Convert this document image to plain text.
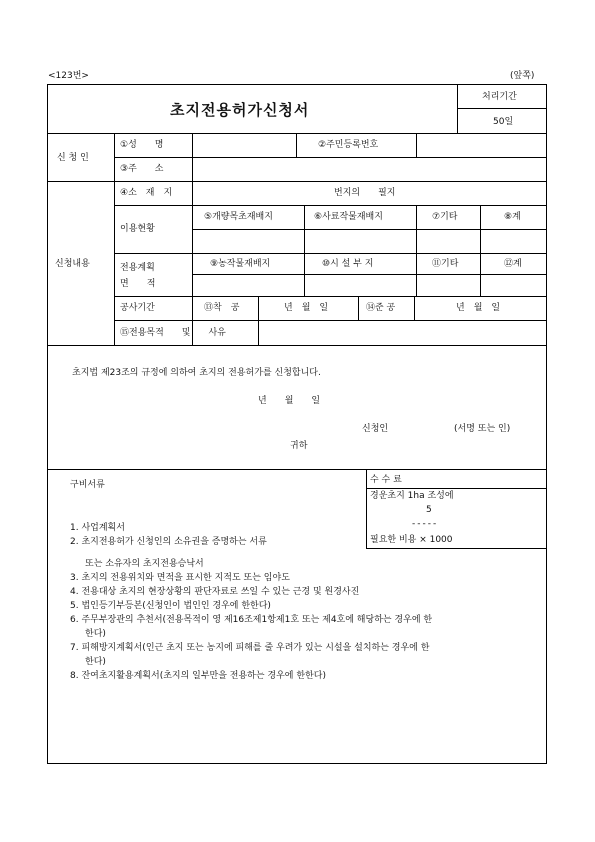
<123번>	(앞쪽)
초지전용허가신청서
처리기간
50일
신 청 인
①성　　명	②주민등록번호
③주　　소
신청내용
④소　재　지	번지의　　필지
이용현황
⑤개량목초재배지	⑥사료작물재배지	⑦기타	⑧계
전용계획
면　　적
⑨농작물재배지	⑩시 설 부 지	⑪기타	⑫계
공사기간	⑬착　공	년　월　일	⑭준 공	년　월　일
⑮전용목적　　및　　사유
초지법 제23조의 규정에 의하여 초지의 전용허가를 신청합니다.
년　　월　　일
신청인	(서명 또는 인)
귀하
수 수 료
경운초지 1ha 조성에
5
-----
필요한 비용 × 1000
구비서류
1. 사업계획서
2. 초지전용허가 신청인의 소유권을 증명하는 서류
　또는 소유자의 초지전용승낙서
3. 초지의 전용위치와 면적을 표시한 지적도 또는 임야도
4. 전용대상 초지의 현장상황의 판단자료로 쓰일 수 있는 근경 및 원경사진
5. 법인등기부등본(신청인이 법인인 경우에 한한다)
6. 주무부장관의 추천서(전용목적이 영 제16조제1항제1호 또는 제4호에 해당하는 경우에 한
　한다)
7. 피해방지계획서(인근 초지 또는 농지에 피해를 줄 우려가 있는 시설을 설치하는 경우에 한
　한다)
8. 잔여초지활용계획서(초지의 일부만을 전용하는 경우에 한한다)
